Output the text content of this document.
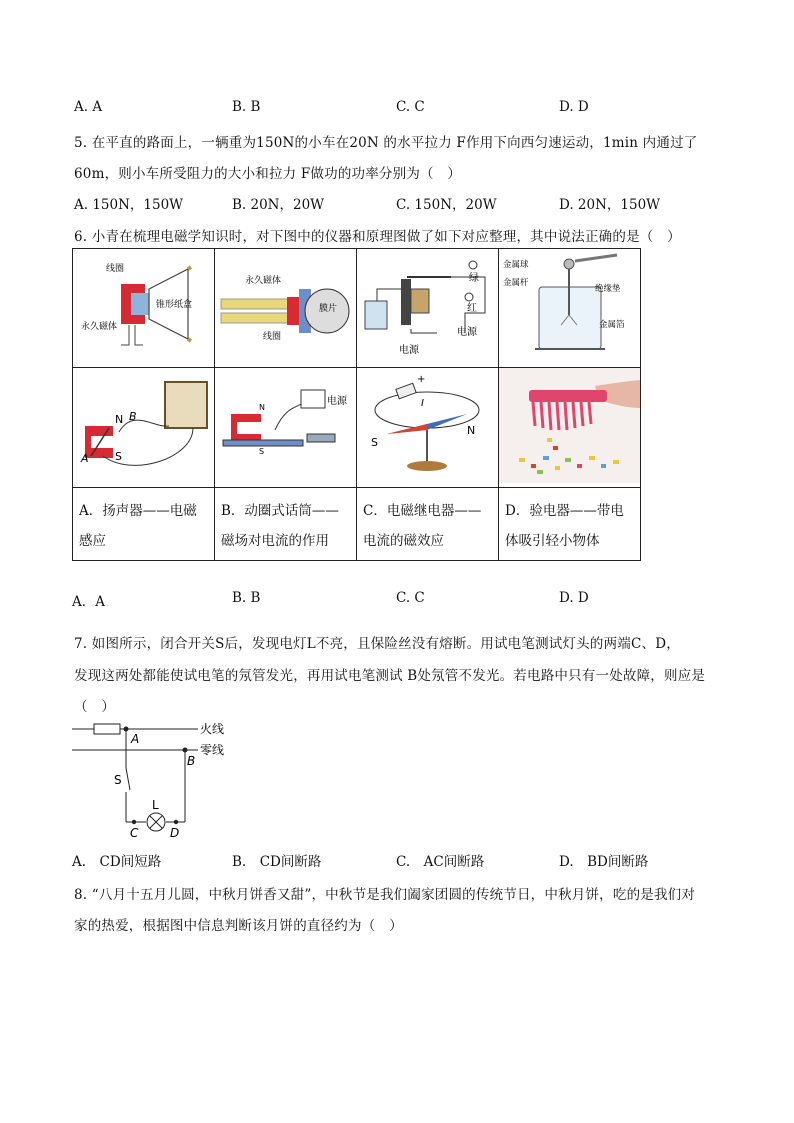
A. A	B. B	C. C	D. D
5. 在平直的路面上，一辆重为150N的小车在20N 的水平拉力 F作用下向西匀速运动，1min 内通过了
60m，则小车所受阻力的大小和拉力 F做功的功率分别为（　）
A. 150N，150W	B. 20N，20W	C. 150N，20W	D. 20N，150W
6. 小青在梳理电磁学知识时，对下图中的仪器和原理图做了如下对应整理，其中说法正确的是（　）
线圈
锥形纸盒
永久磁体	永久磁体
膜片
线圈	绿
红
电源
电源	金属球
金属杆
绝缘垫
金属箔

N B
A S	电源
N
S	+
I
S
N

A．扬声器——电磁感应	B．动圈式话筒——磁场对电流的作用	C．电磁继电器——电流的磁效应	D．验电器——带电体吸引轻小物体
A．A	B. B	C. C	D. D
7. 如图所示，闭合开关S后，发现电灯L不亮，且保险丝没有熔断。用试电笔测试灯头的两端C、D，
发现这两处都能使试电笔的氖管发光，再用试电笔测试 B处氖管不发光。若电路中只有一处故障，则应是
（　）
火线
零线
A
B
S
L
C	D
A.　CD间短路	B.　CD间断路	C.　AC间断路	D.　BD间断路
8. “八月十五月儿圆，中秋月饼香又甜”，中秋节是我们阖家团圆的传统节日，中秋月饼，吃的是我们对
家的热爱，根据图中信息判断该月饼的直径约为（　）
